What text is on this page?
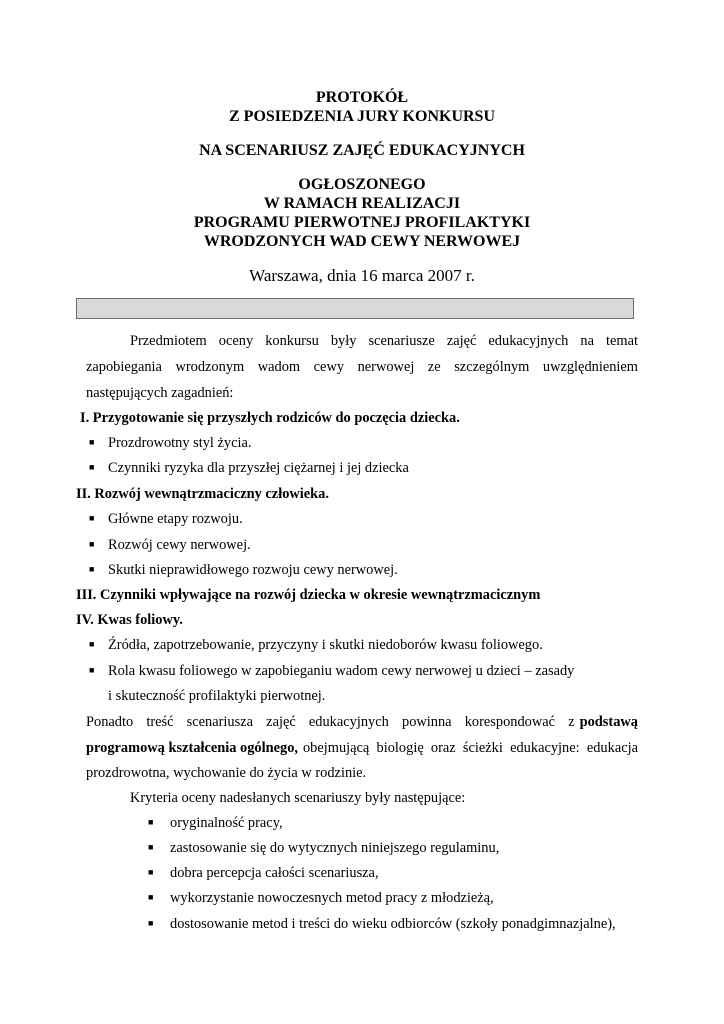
PROTOKÓŁ
Z POSIEDZENIA JURY KONKURSU
NA SCENARIUSZ ZAJĘĆ EDUKACYJNYCH
OGŁOSZONEGO
W RAMACH REALIZACJI
PROGRAMU PIERWOTNEJ PROFILAKTYKI
WRODZONYCH WAD CEWY NERWOWEJ
Warszawa, dnia 16 marca 2007 r.
Przedmiotem oceny konkursu były scenariusze zajęć edukacyjnych na temat
zapobiegania wrodzonym wadom cewy nerwowej ze szczególnym uwzględnieniem
następujących zagadnień:
I. Przygotowanie się przyszłych rodziców do poczęcia dziecka.
■ Prozdrowotny styl życia.
■ Czynniki ryzyka dla przyszłej ciężarnej i jej dziecka
II. Rozwój wewnątrzmaciczny człowieka.
■ Główne etapy rozwoju.
■ Rozwój cewy nerwowej.
■ Skutki nieprawidłowego rozwoju cewy nerwowej.
III. Czynniki wpływające na rozwój dziecka w okresie wewnątrzmacicznym
IV. Kwas foliowy.
■ Źródła, zapotrzebowanie, przyczyny i skutki niedoborów kwasu foliowego.
■ Rola kwasu foliowego w zapobieganiu wadom cewy nerwowej u dzieci – zasady
i skuteczność profilaktyki pierwotnej.
Ponadto treść scenariusza zajęć edukacyjnych powinna korespondować z podstawą
programową kształcenia ogólnego, obejmującą biologię oraz ścieżki edukacyjne: edukacja
prozdrowotna, wychowanie do życia w rodzinie.
Kryteria oceny nadesłanych scenariuszy były następujące:
■ oryginalność pracy,
■ zastosowanie się do wytycznych niniejszego regulaminu,
■ dobra percepcja całości scenariusza,
■ wykorzystanie nowoczesnych metod pracy z młodzieżą,
■ dostosowanie metod i treści do wieku odbiorców (szkoły ponadgimnazjalne),
